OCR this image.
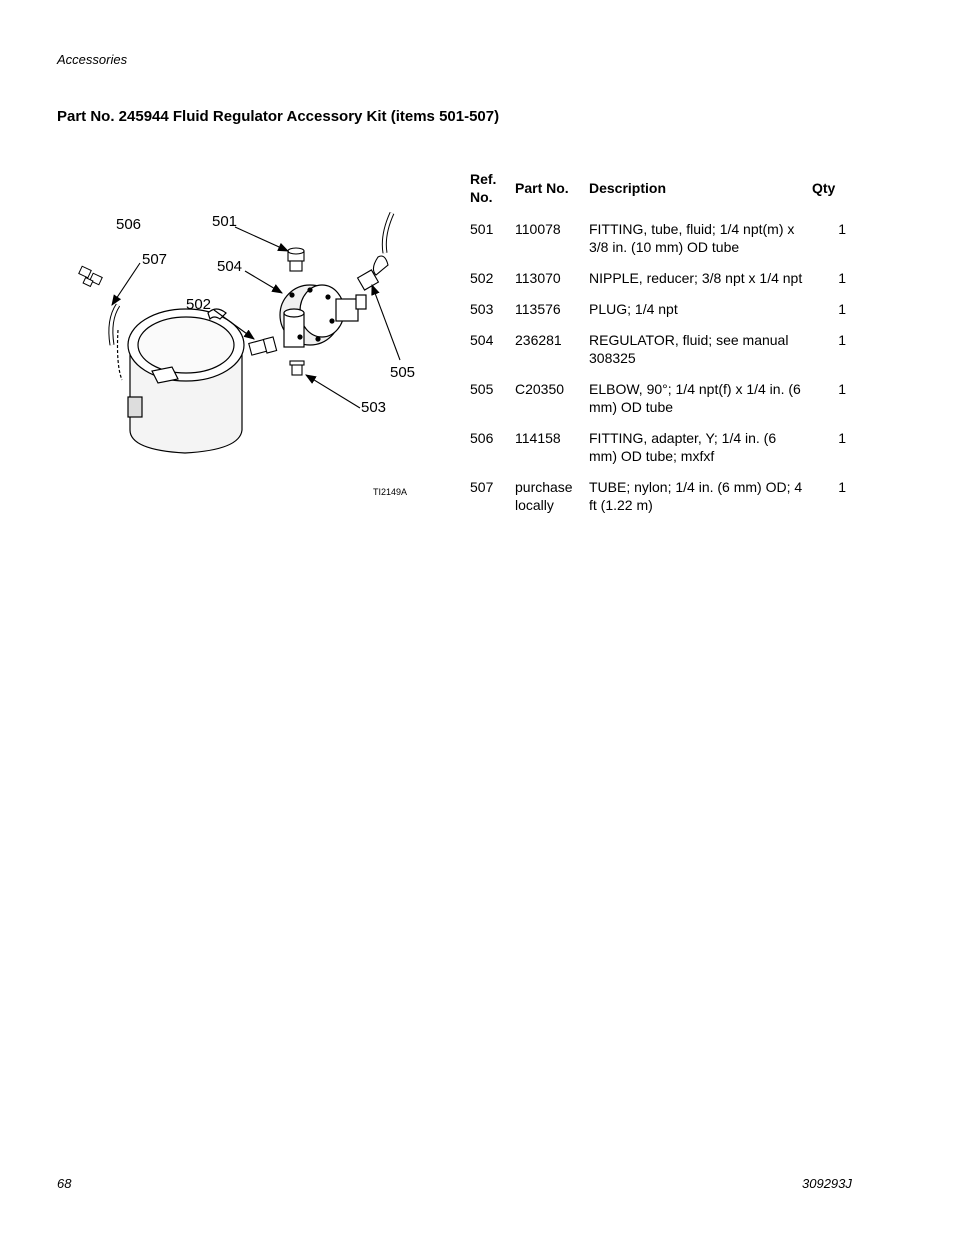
Accessories
Part No. 245944 Fluid Regulator Accessory Kit (items 501-507)
506
507
501
504
502
505
503
TI2149A
Ref. No.	Part No.	Description	Qty
501	110078	FITTING, tube, fluid; 1/4 npt(m) x 3/8 in. (10 mm) OD tube	1
502	113070	NIPPLE, reducer; 3/8 npt x 1/4 npt	1
503	113576	PLUG; 1/4 npt	1
504	236281	REGULATOR, fluid; see manual 308325	1
505	C20350	ELBOW, 90°; 1/4 npt(f) x 1/4 in. (6 mm) OD tube	1
506	114158	FITTING, adapter, Y; 1/4 in. (6 mm) OD tube; mxfxf	1
507	purchase locally	TUBE; nylon; 1/4 in. (6 mm) OD; 4 ft (1.22 m)	1
68	309293J
